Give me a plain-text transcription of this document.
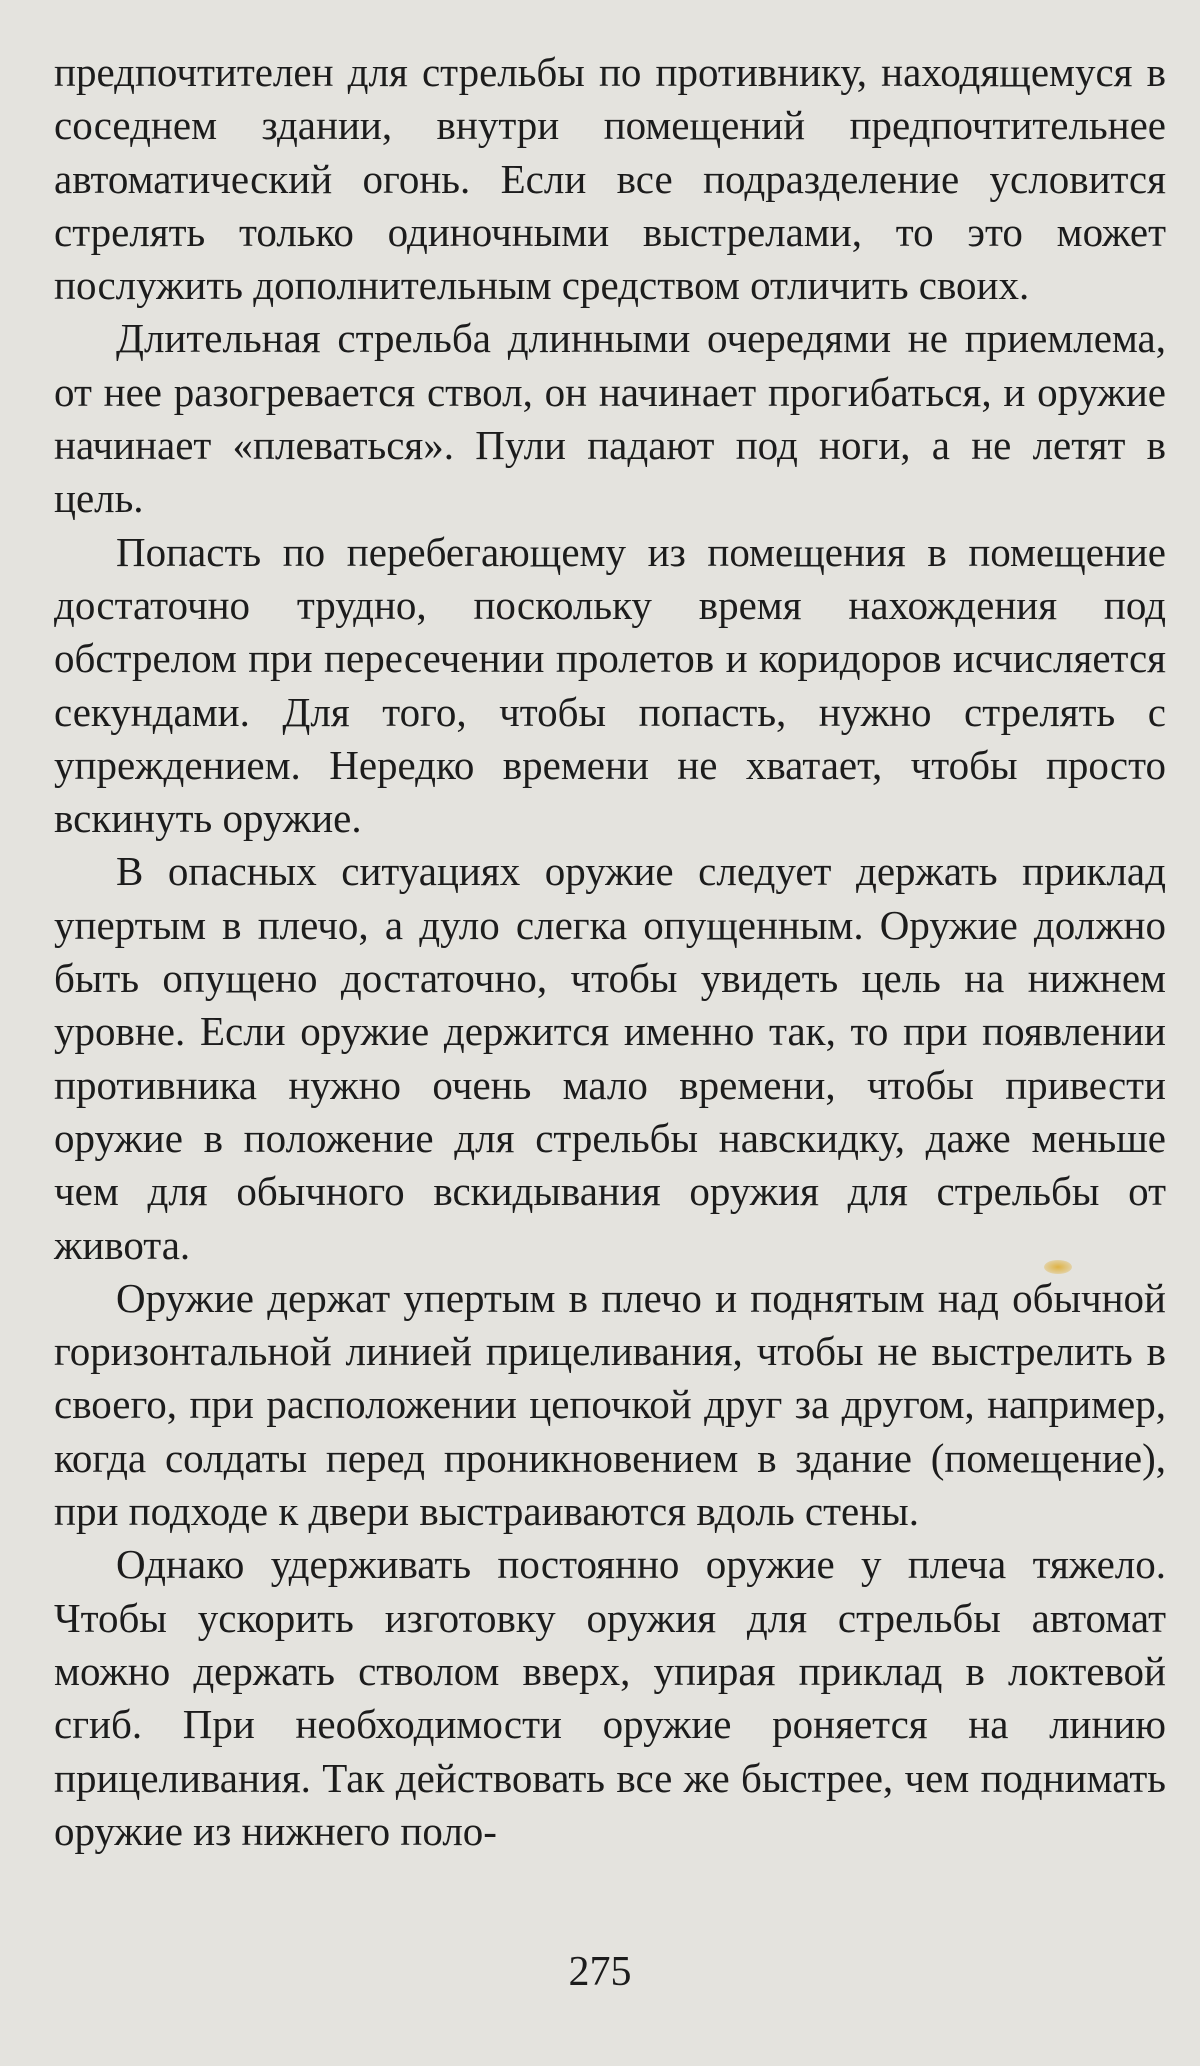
предпочтителен для стрельбы по противнику, находящемуся в соседнем здании, внутри помещений предпочтительнее автоматический огонь. Если все подразделение условится стрелять только одиночными выстрелами, то это может послужить дополнительным средством отличить своих.

Длительная стрельба длинными очередями не приемлема, от нее разогревается ствол, он начинает прогибаться, и оружие начинает «плеваться». Пули падают под ноги, а не летят в цель.

Попасть по перебегающему из помещения в помещение достаточно трудно, поскольку время нахождения под обстрелом при пересечении пролетов и коридоров исчисляется секундами. Для того, чтобы попасть, нужно стрелять с упреждением. Нередко времени не хватает, чтобы просто вскинуть оружие.

В опасных ситуациях оружие следует держать приклад упертым в плечо, а дуло слегка опущенным. Оружие должно быть опущено достаточно, чтобы увидеть цель на нижнем уровне. Если оружие держится именно так, то при появлении противника нужно очень мало времени, чтобы привести оружие в положение для стрельбы навскидку, даже меньше чем для обычного вскидывания оружия для стрельбы от живота.

Оружие держат упертым в плечо и поднятым над обычной горизонтальной линией прицеливания, чтобы не выстрелить в своего, при расположении цепочкой друг за другом, например, когда солдаты перед проникновением в здание (помещение), при подходе к двери выстраиваются вдоль стены.

Однако удерживать постоянно оружие у плеча тяжело. Чтобы ускорить изготовку оружия для стрельбы автомат можно держать стволом вверх, упирая приклад в локтевой сгиб. При необходимости оружие роняется на линию прицеливания. Так действовать все же быстрее, чем поднимать оружие из нижнего поло-

275
